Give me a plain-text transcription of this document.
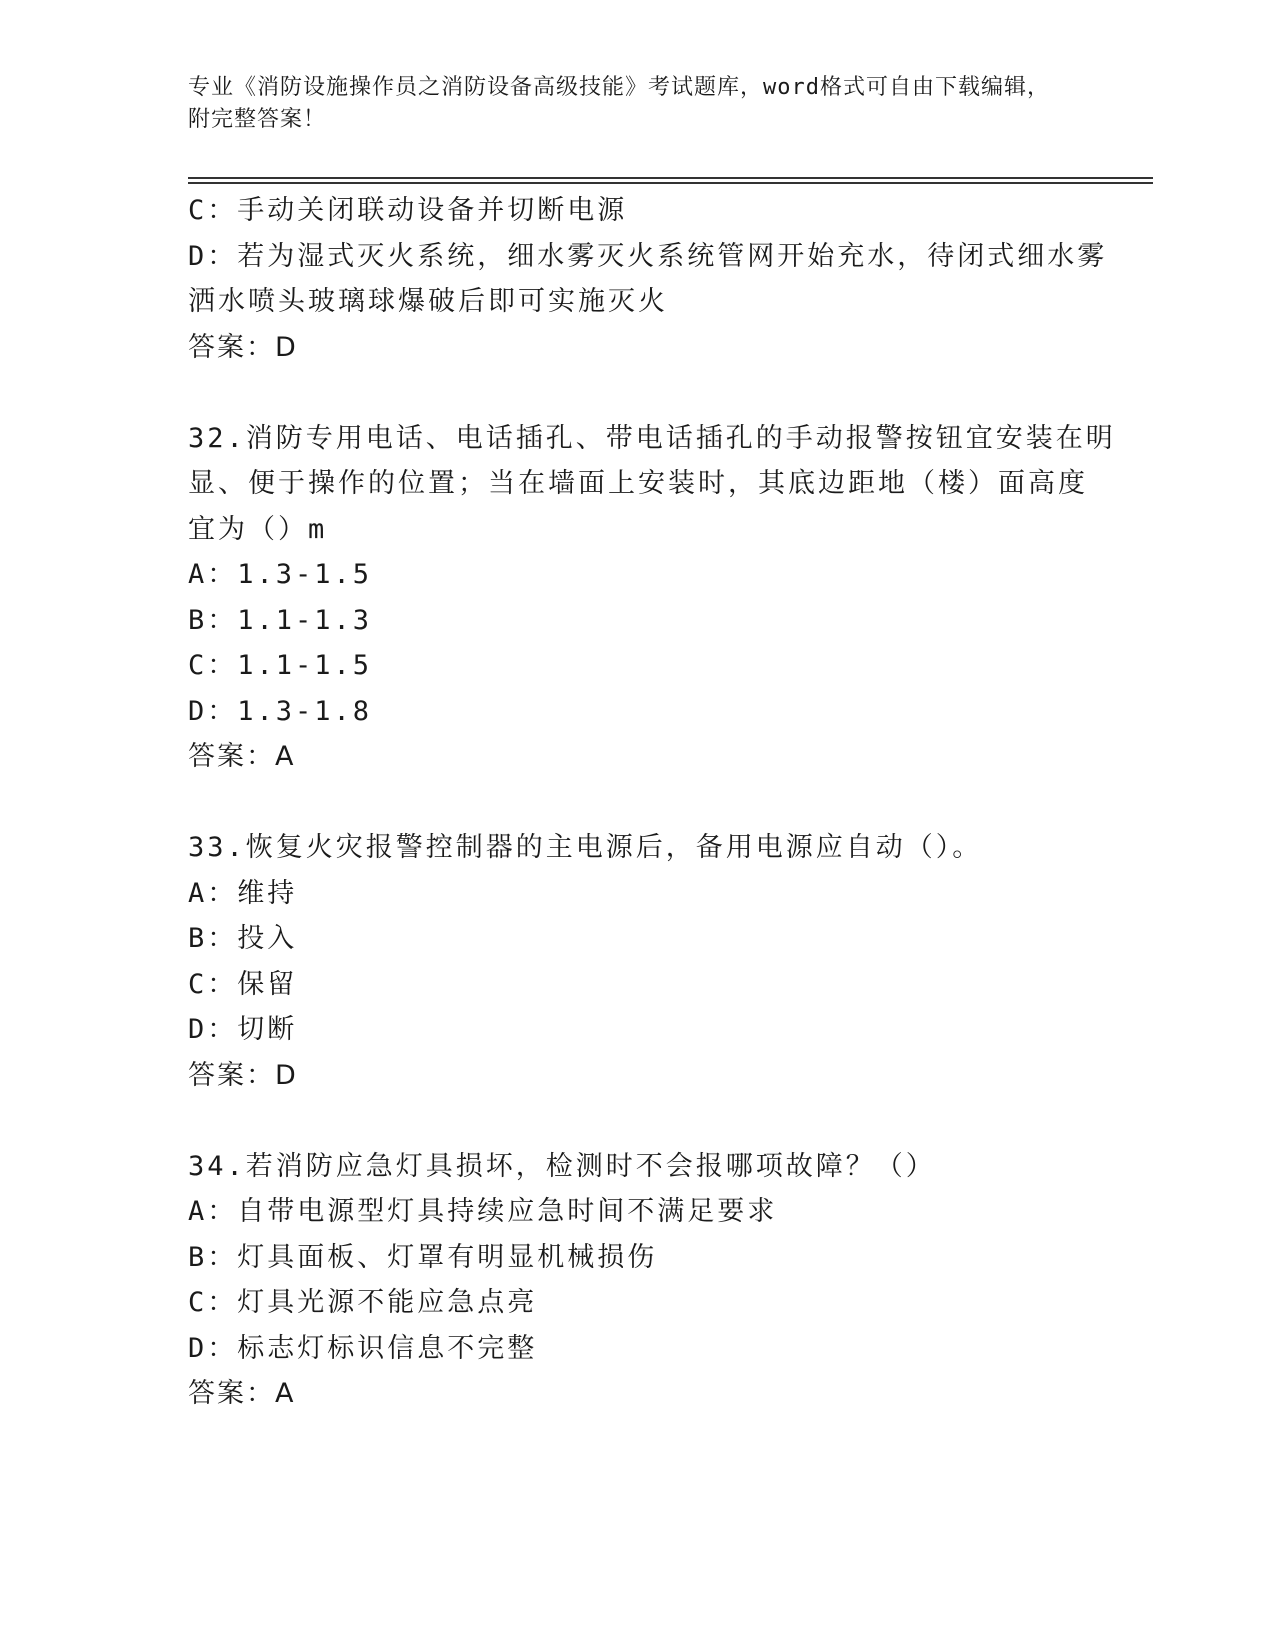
专业《消防设施操作员之消防设备高级技能》考试题库，word格式可自由下载编辑，附完整答案！
C：手动关闭联动设备并切断电源
D：若为湿式灭火系统，细水雾灭火系统管网开始充水，待闭式细水雾
洒水喷头玻璃球爆破后即可实施灭火
答案：D
32.消防专用电话、电话插孔、带电话插孔的手动报警按钮宜安装在明
显、便于操作的位置；当在墙面上安装时，其底边距地（楼）面高度
宜为（）m
A：1.3-1.5
B：1.1-1.3
C：1.1-1.5
D：1.3-1.8
答案：A
33.恢复火灾报警控制器的主电源后，备用电源应自动（）。
A：维持
B：投入
C：保留
D：切断
答案：D
34.若消防应急灯具损坏，检测时不会报哪项故障？（）
A：自带电源型灯具持续应急时间不满足要求
B：灯具面板、灯罩有明显机械损伤
C：灯具光源不能应急点亮
D：标志灯标识信息不完整
答案：A
